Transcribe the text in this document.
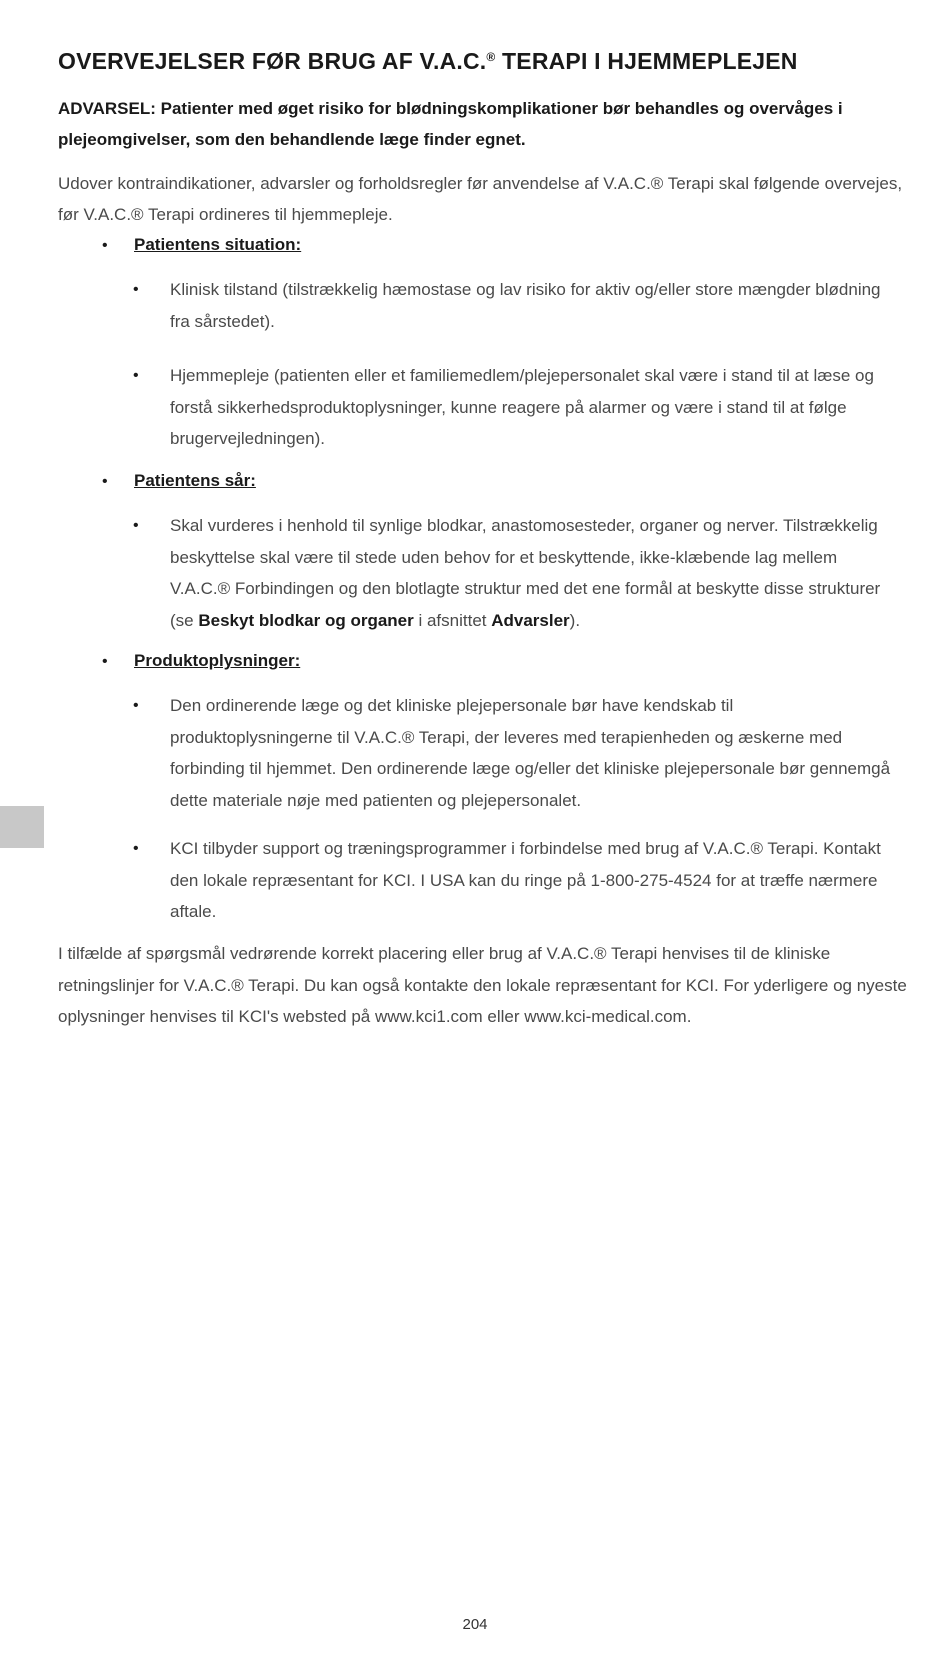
OVERVEJELSER FØR BRUG AF V.A.C.® TERAPI I HJEMMEPLEJEN

ADVARSEL: Patienter med øget risiko for blødningskomplikationer bør behandles og overvåges i plejeomgivelser, som den behandlende læge finder egnet.

Udover kontraindikationer, advarsler og forholdsregler før anvendelse af V.A.C.® Terapi skal følgende overvejes, før V.A.C.® Terapi ordineres til hjemmepleje.

• Patientens situation:

• Klinisk tilstand (tilstrækkelig hæmostase og lav risiko for aktiv og/eller store mængder blødning fra sårstedet).

• Hjemmepleje (patienten eller et familiemedlem/plejepersonalet skal være i stand til at læse og forstå sikkerhedsproduktoplysninger, kunne reagere på alarmer og være i stand til at følge brugervejledningen).

• Patientens sår:

• Skal vurderes i henhold til synlige blodkar, anastomosesteder, organer og nerver. Tilstrækkelig beskyttelse skal være til stede uden behov for et beskyttende, ikke-klæbende lag mellem V.A.C.® Forbindingen og den blotlagte struktur med det ene formål at beskytte disse strukturer (se Beskyt blodkar og organer i afsnittet Advarsler).

• Produktoplysninger:

• Den ordinerende læge og det kliniske plejepersonale bør have kendskab til produktoplysningerne til V.A.C.® Terapi, der leveres med terapienheden og æskerne med forbinding til hjemmet. Den ordinerende læge og/eller det kliniske plejepersonale bør gennemgå dette materiale nøje med patienten og plejepersonalet.

• KCI tilbyder support og træningsprogrammer i forbindelse med brug af V.A.C.® Terapi. Kontakt den lokale repræsentant for KCI. I USA kan du ringe på 1-800-275-4524 for at træffe nærmere aftale.

I tilfælde af spørgsmål vedrørende korrekt placering eller brug af V.A.C.® Terapi henvises til de kliniske retningslinjer for V.A.C.® Terapi. Du kan også kontakte den lokale repræsentant for KCI. For yderligere og nyeste oplysninger henvises til KCI's websted på www.kci1.com eller www.kci-medical.com.

204
